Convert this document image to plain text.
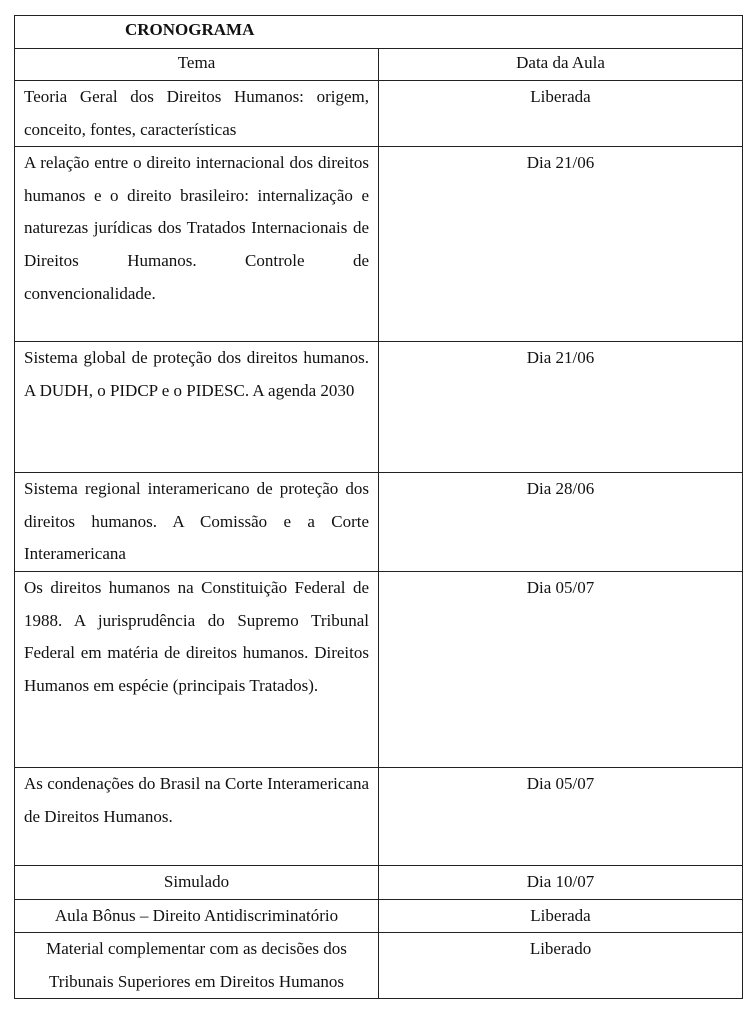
CRONOGRAMA	
Tema	Data da Aula
Teoria Geral dos Direitos Humanos: origem, conceito, fontes, características	Liberada
A relação entre o direito internacional dos direitos humanos e o direito brasileiro: internalização e naturezas jurídicas dos Tratados Internacionais de Direitos Humanos. Controle de convencionalidade.	Dia 21/06
Sistema global de proteção dos direitos humanos. A DUDH, o PIDCP e o PIDESC. A agenda 2030	Dia 21/06
Sistema regional interamericano de proteção dos direitos humanos. A Comissão e a Corte Interamericana	Dia 28/06
Os direitos humanos na Constituição Federal de 1988. A jurisprudência do Supremo Tribunal Federal em matéria de direitos humanos. Direitos Humanos em espécie (principais Tratados).	Dia 05/07
As condenações do Brasil na Corte Interamericana de Direitos Humanos.	Dia 05/07
Simulado	Dia 10/07
Aula Bônus – Direito Antidiscriminatório	Liberada
Material complementar com as decisões dos Tribunais Superiores em Direitos Humanos	Liberado
